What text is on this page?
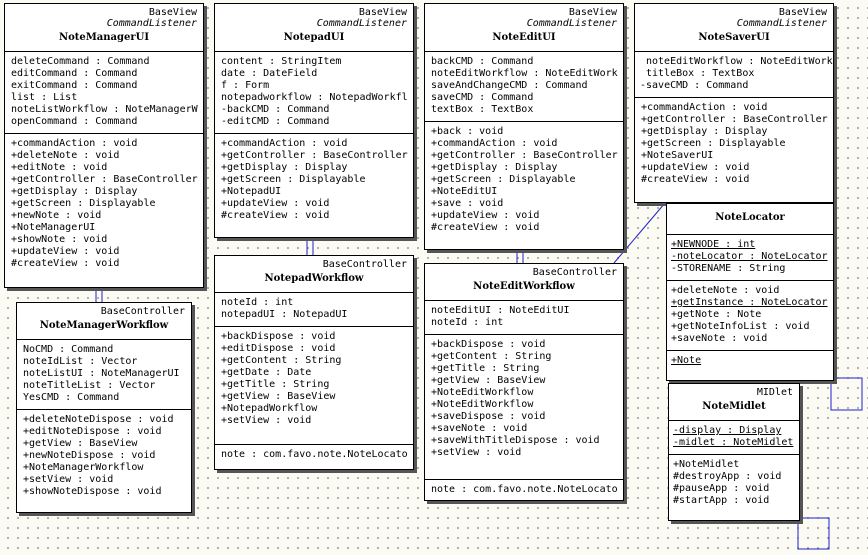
BaseView
CommandListener
NoteManagerUI
deleteCommand : Command
editCommand : Command
exitCommand : Command
list : List
noteListWorkflow : NoteManagerW
openCommand : Command
+commandAction : void
+deleteNote : void
+editNote : void
+getController : BaseController
+getDisplay : Display
+getScreen : Displayable
+newNote : void
+NoteManagerUI
+showNote : void
+updateView : void
#createView : void
BaseView
CommandListener
NotepadUI
content : StringItem
date : DateField
f : Form
notepadworkflow : NotepadWorkfl
-backCMD : Command
-editCMD : Command
+commandAction : void
+getController : BaseController
+getDisplay : Display
+getScreen : Displayable
+NotepadUI
+updateView : void
#createView : void
BaseView
CommandListener
NoteEditUI
backCMD : Command
noteEditWorkflow : NoteEditWork
saveAndChangeCMD : Command
saveCMD : Command
textBox : TextBox
+back : void
+commandAction : void
+getController : BaseController
+getDisplay : Display
+getScreen : Displayable
+NoteEditUI
+save : void
+updateView : void
#createView : void
BaseView
CommandListener
NoteSaverUI
noteEditWorkflow : NoteEditWork
titleBox : TextBox
-saveCMD : Command
+commandAction : void
+getController : BaseController
+getDisplay : Display
+getScreen : Displayable
+NoteSaverUI
+updateView : void
#createView : void
BaseController
NoteManagerWorkflow
NoCMD : Command
noteIdList : Vector
noteListUI : NoteManagerUI
noteTitleList : Vector
YesCMD : Command
+deleteNoteDispose : void
+editNoteDispose : void
+getView : BaseView
+newNoteDispose : void
+NoteManagerWorkflow
+setView : void
+showNoteDispose : void
BaseController
NotepadWorkflow
noteId : int
notepadUI : NotepadUI
+backDispose : void
+editDispose : void
+getContent : String
+getDate : Date
+getTitle : String
+getView : BaseView
+NotepadWorkflow
+setView : void
note : com.favo.note.NoteLocato
BaseController
NoteEditWorkflow
noteEditUI : NoteEditUI
noteId : int
+backDispose : void
+getContent : String
+getTitle : String
+getView : BaseView
+NoteEditWorkflow
+NoteEditWorkflow
+saveDispose : void
+saveNote : void
+saveWithTitleDispose : void
+setView : void
note : com.favo.note.NoteLocato
NoteLocator
+NEWNODE : int
-noteLocator : NoteLocator
-STORENAME : String
+deleteNote : void
+getInstance : NoteLocator
+getNote : Note
+getNoteInfoList : void
+saveNote : void
+Note
MIDlet
NoteMidlet
-display : Display
-midlet : NoteMidlet
+NoteMidlet
#destroyApp : void
#pauseApp : void
#startApp : void
